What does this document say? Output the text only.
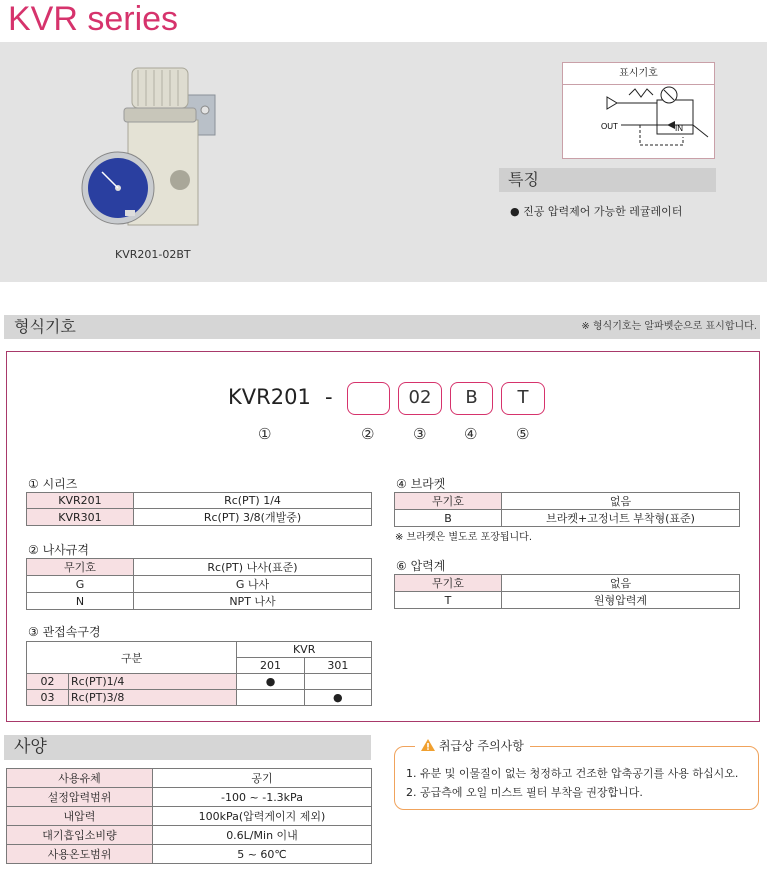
KVR series
KVR201-02BT
표시기호
OUT	IN
특징
● 진공 압력제어 가능한 레귤레이터
형식기호	※ 형식기호는 알파벳순으로 표시합니다.
KVR201 -	02	B	T
①	②	③	④	⑤
① 시리즈
KVR201	Rc(PT) 1/4
KVR301	Rc(PT) 3/8(개발중)
② 나사규격
무기호	Rc(PT) 나사(표준)
G	G 나사
N	NPT 나사
③ 관접속구경
구분		KVR	
		201	301
02	Rc(PT)1/4	●	
03	Rc(PT)3/8		●
④ 브라켓
무기호	없음
B	브라켓+고정너트 부착형(표준)
※ 브라켓은 별도로 포장됩니다.
⑥ 압력계
무기호	없음
T	원형압력계
사양
사용유체	공기
설정압력범위	-100 ~ -1.3kPa
내압력	100kPa(압력게이지 제외)
대기흡입소비량	0.6L/Min 이내
사용온도범위	5 ~ 60℃
취급상 주의사항
1. 유분 및 이물질이 없는 청정하고 건조한 압축공기를 사용 하십시오.
2. 공급측에 오일 미스트 필터 부착을 권장합니다.
